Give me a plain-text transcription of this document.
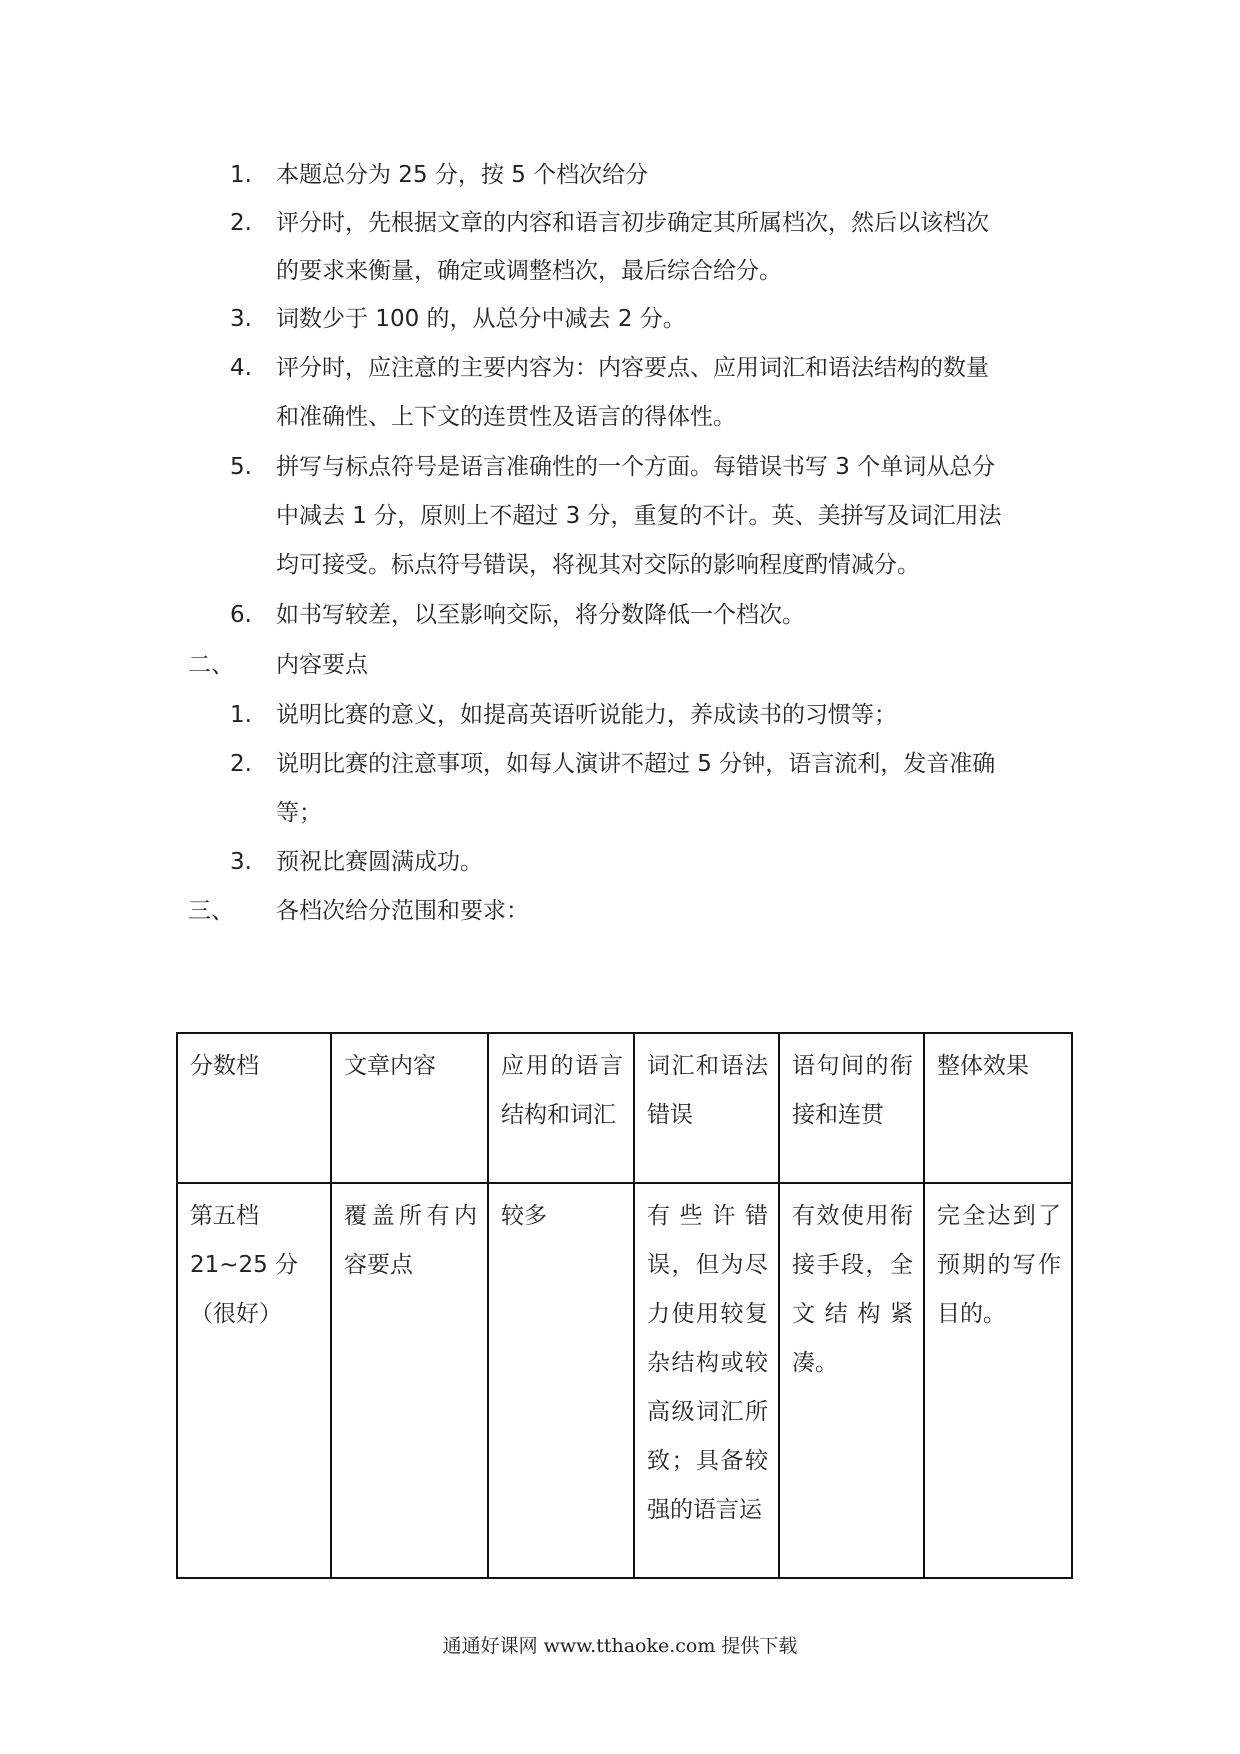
1. 本题总分为 25 分，按 5 个档次给分
2. 评分时，先根据文章的内容和语言初步确定其所属档次，然后以该档次
的要求来衡量，确定或调整档次，最后综合给分。
3. 词数少于 100 的，从总分中减去 2 分。
4. 评分时，应注意的主要内容为：内容要点、应用词汇和语法结构的数量
和准确性、上下文的连贯性及语言的得体性。
5. 拼写与标点符号是语言准确性的一个方面。每错误书写 3 个单词从总分
中减去 1 分，原则上不超过 3 分，重复的不计。英、美拼写及词汇用法
均可接受。标点符号错误，将视其对交际的影响程度酌情减分。
6. 如书写较差，以至影响交际，将分数降低一个档次。
二、 内容要点
1. 说明比赛的意义，如提高英语听说能力，养成读书的习惯等；
2. 说明比赛的注意事项，如每人演讲不超过 5 分钟，语言流利，发音准确
等；
3. 预祝比赛圆满成功。
三、 各档次给分范围和要求：
分数档	文章内容	应用的语言结构和词汇	词汇和语法错误	语句间的衔接和连贯	整体效果

第五档
21~25 分
（很好）	覆盖所有内容要点	较多	有些许错误，但为尽力使用较复杂结构或较高级词汇所致；具备较强的语言运	有效使用衔接手段，全文结构紧凑。	完全达到了预期的写作目的。
通通好课网 www.tthaoke.com 提供下载
